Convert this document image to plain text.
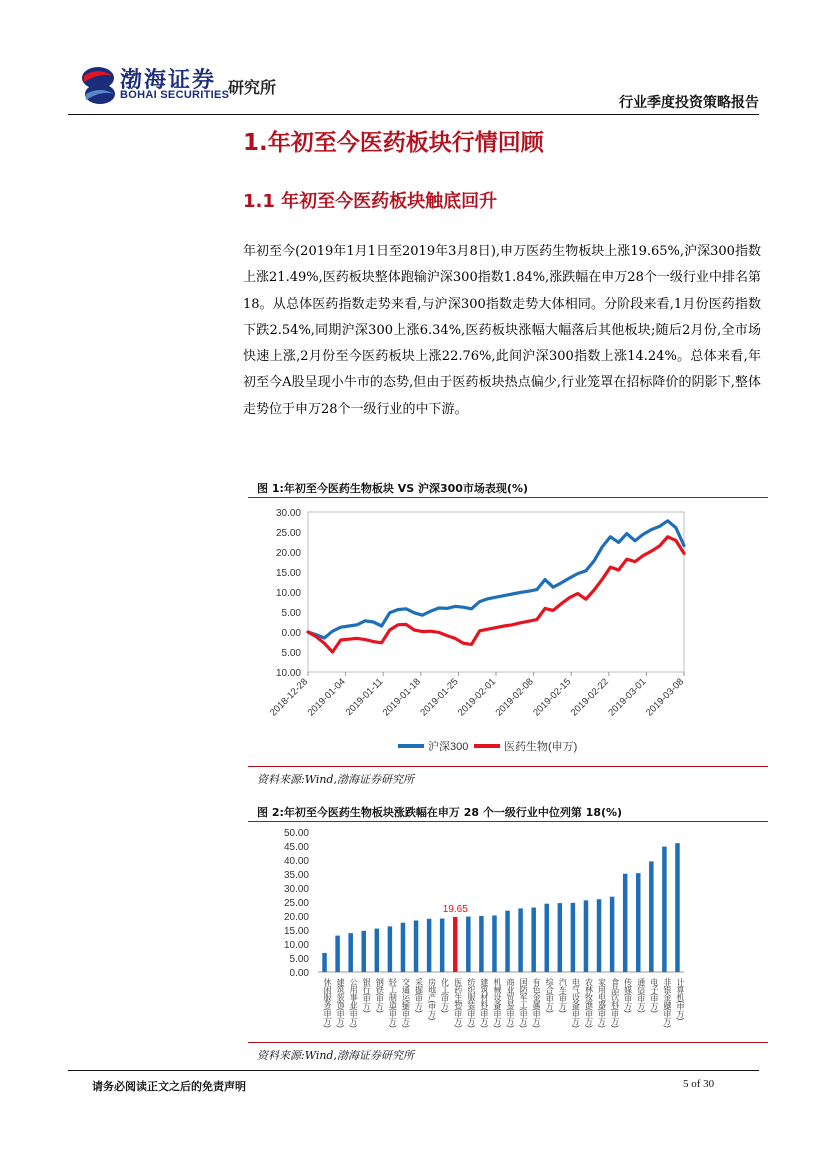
渤海证券
BOHAI SECURITIES
研究所
行业季度投资策略报告
1.年初至今医药板块行情回顾
1.1 年初至今医药板块触底回升

年初至今(2019年1月1日至2019年3月8日),申万医药生物板块上涨19.65%,沪深300指数上涨21.49%,医药板块整体跑输沪深300指数1.84%,涨跌幅在申万28个一级行业中排名第18。从总体医药指数走势来看,与沪深300指数走势大体相同。分阶段来看,1月份医药指数下跌2.54%,同期沪深300上涨6.34%,医药板块涨幅大幅落后其他板块;随后2月份,全市场快速上涨,2月份至今医药板块上涨22.76%,此间沪深300指数上涨14.24%。总体来看,年初至今A股呈现小牛市的态势,但由于医药板块热点偏少,行业笼罩在招标降价的阴影下,整体走势位于申万28个一级行业的中下游。

图 1:年初至今医药生物板块 VS 沪深300市场表现(%)
30.00
25.00
20.00
15.00
10.00
5.00
0.00
5.00
10.00
2018-12-28
2019-01-04
2019-01-11
2019-01-18
2019-01-25
2019-02-01
2019-02-08
2019-02-15
2019-02-22
2019-03-01
2019-03-08
沪深300	医药生物(申万)
资料来源:Wind,渤海证券研究所
图 2:年初至今医药生物板块涨跌幅在申万 28 个一级行业中位列第 18(%)
50.00
45.00
40.00
35.00
30.00
25.00
20.00
15.00
10.00
5.00
0.00
休闲服务(申万) 建筑装饰(申万) 公用事业(申万) 银行(申万) 钢铁(申万) 轻工制造(申万) 交通运输(申万) 采掘(申万) 房地产(申万) 化工(申万) 医药生物(申万) 纺织服装(申万) 建筑材料(申万) 机械设备(申万) 商业贸易(申万) 国防军工(申万) 有色金属(申万) 综合(申万) 汽车(申万) 电气设备(申万) 农林牧渔(申万) 家用电器(申万) 食品饮料(申万) 传媒(申万) 通信(申万) 电子(申万) 非银金融(申万) 计算机(申万)
19.65
资料来源:Wind,渤海证券研究所
请务必阅读正文之后的免责声明	5 of 30
